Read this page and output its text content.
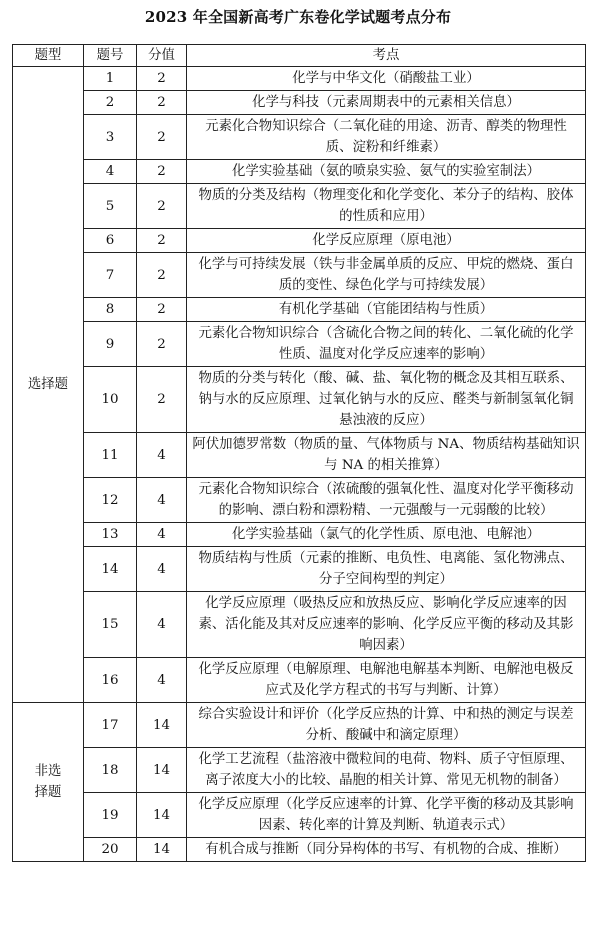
2023 年全国新高考广东卷化学试题考点分布
题型	题号	分值	考点
选择题	1	2	化学与中华文化（硝酸盐工业）
	2	2	化学与科技（元素周期表中的元素相关信息）
	3	2	元素化合物知识综合（二氧化硅的用途、沥青、醇类的物理性质、淀粉和纤维素）
	4	2	化学实验基础（氨的喷泉实验、氨气的实验室制法）
	5	2	物质的分类及结构（物理变化和化学变化、苯分子的结构、胶体的性质和应用）
	6	2	化学反应原理（原电池）
	7	2	化学与可持续发展（铁与非金属单质的反应、甲烷的燃烧、蛋白质的变性、绿色化学与可持续发展）
	8	2	有机化学基础（官能团结构与性质）
	9	2	元素化合物知识综合（含硫化合物之间的转化、二氧化硫的化学性质、温度对化学反应速率的影响）
	10	2	物质的分类与转化（酸、碱、盐、氧化物的概念及其相互联系、钠与水的反应原理、过氧化钠与水的反应、醛类与新制氢氧化铜悬浊液的反应）
	11	4	阿伏加德罗常数（物质的量、气体物质与 NA、物质结构基础知识与 NA 的相关推算）
	12	4	元素化合物知识综合（浓硫酸的强氧化性、温度对化学平衡移动的影响、漂白粉和漂粉精、一元强酸与一元弱酸的比较）
	13	4	化学实验基础（氯气的化学性质、原电池、电解池）
	14	4	物质结构与性质（元素的推断、电负性、电离能、氢化物沸点、分子空间构型的判定）
	15	4	化学反应原理（吸热反应和放热反应、影响化学反应速率的因素、活化能及其对反应速率的影响、化学反应平衡的移动及其影响因素）
	16	4	化学反应原理（电解原理、电解池电解基本判断、电解池电极反应式及化学方程式的书写与判断、计算）
非选择题	17	14	综合实验设计和评价（化学反应热的计算、中和热的测定与误差分析、酸碱中和滴定原理）
	18	14	化学工艺流程（盐溶液中微粒间的电荷、物料、质子守恒原理、离子浓度大小的比较、晶胞的相关计算、常见无机物的制备）
	19	14	化学反应原理（化学反应速率的计算、化学平衡的移动及其影响因素、转化率的计算及判断、轨道表示式）
	20	14	有机合成与推断（同分异构体的书写、有机物的合成、推断）
